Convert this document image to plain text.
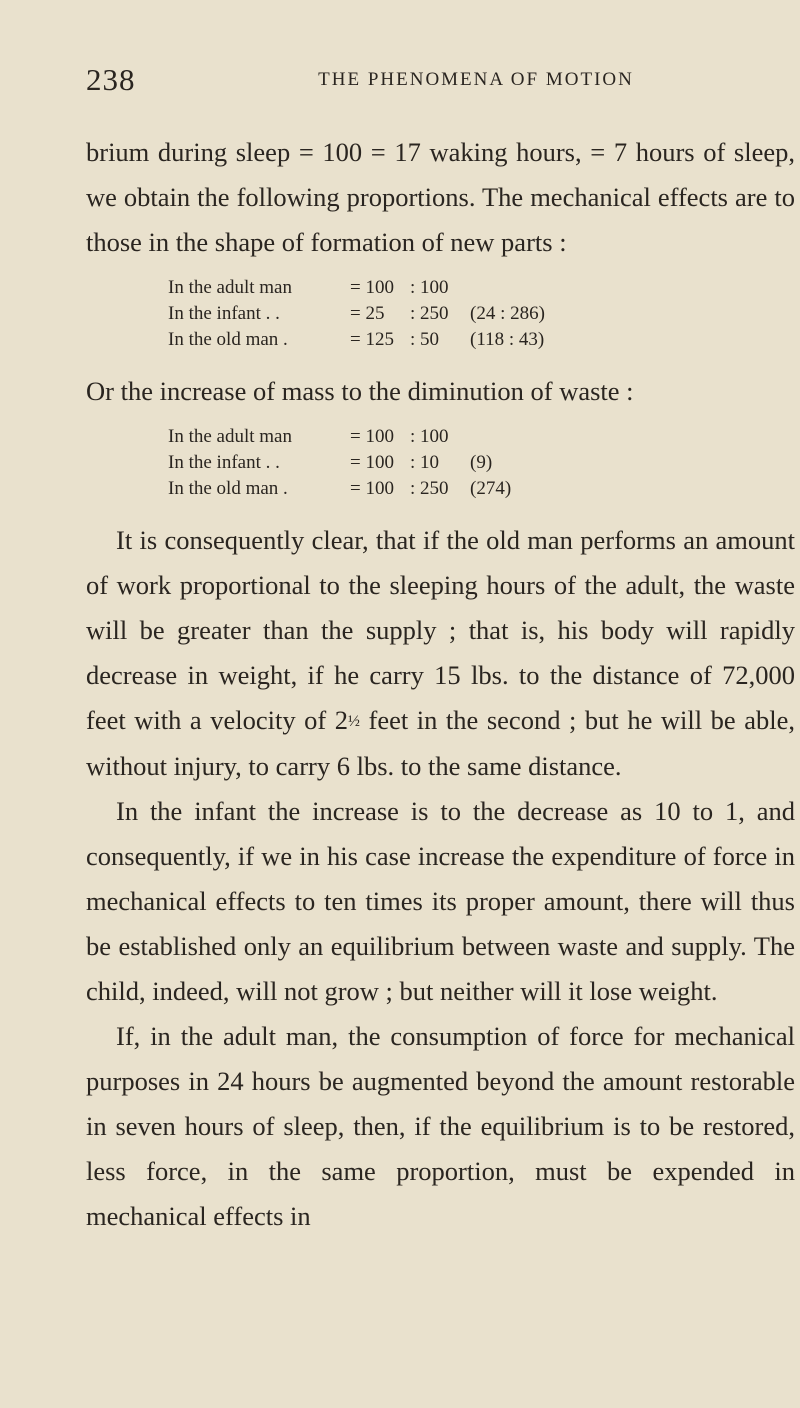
238	THE PHENOMENA OF MOTION

brium during sleep = 100 = 17 waking hours, = 7 hours of sleep, we obtain the following proportions. The mechanical effects are to those in the shape of formation of new parts :

In the adult man	= 100 : 100
In the infant . .	= 25	: 250	(24 : 286)
In the old man .	= 125 : 50	(118 : 43)

Or the increase of mass to the diminution of waste :

In the adult man	= 100 : 100
In the infant . .	= 100 : 10	(9)
In the old man .	= 100 : 250	(274)

It is consequently clear, that if the old man performs an amount of work proportional to the sleeping hours of the adult, the waste will be greater than the supply ; that is, his body will rapidly decrease in weight, if he carry 15 lbs. to the distance of 72,000 feet with a velocity of 2½ feet in the second ; but he will be able, without injury, to carry 6 lbs. to the same distance.

In the infant the increase is to the decrease as 10 to 1, and consequently, if we in his case increase the expenditure of force in mechanical effects to ten times its proper amount, there will thus be established only an equilibrium between waste and supply. The child, indeed, will not grow ; but neither will it lose weight.

If, in the adult man, the consumption of force for mechanical purposes in 24 hours be augmented beyond the amount restorable in seven hours of sleep, then, if the equilibrium is to be restored, less force, in the same proportion, must be expended in mechanical effects in
